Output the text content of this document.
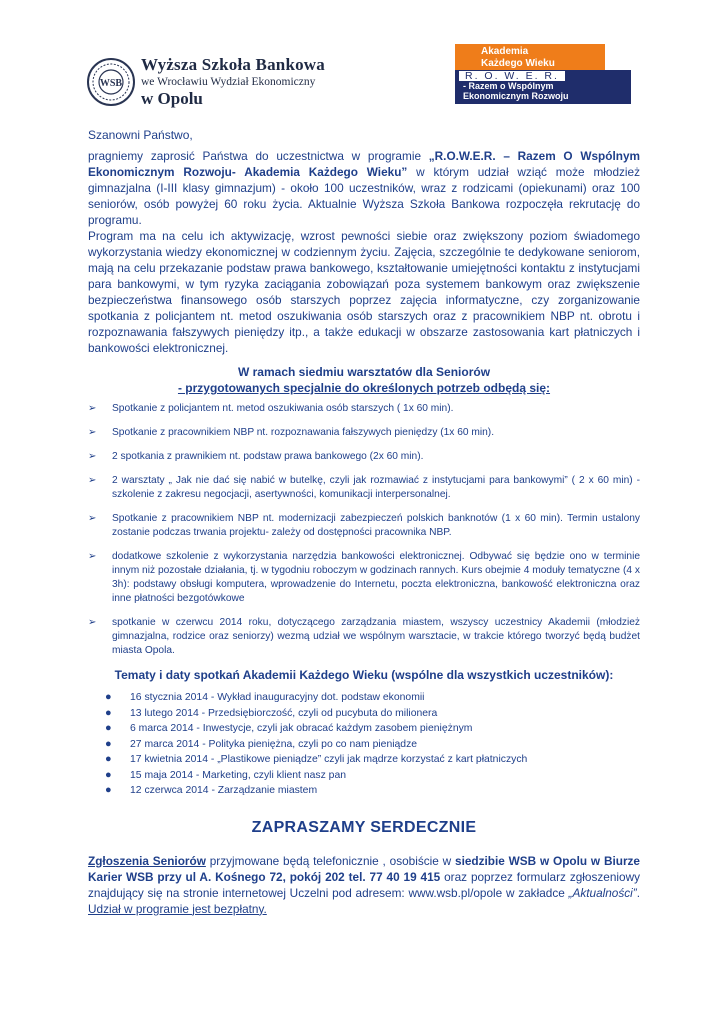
WSB
Wyższa Szkoła Bankowa
we Wrocławiu Wydział Ekonomiczny
w Opolu
Akademia
Każdego Wieku
R. O. W. E. R.
- Razem o Wspólnym
Ekonomicznym Rozwoju
Szanowni Państwo,

pragniemy zaprosić Państwa do uczestnictwa w programie „R.O.W.E.R. – Razem O Wspólnym Ekonomicznym Rozwoju- Akademia Każdego Wieku” w którym udział wziąć może młodzież gimnazjalna (I-III klasy gimnazjum) - około 100 uczestników, wraz z rodzicami (opiekunami) oraz 100 seniorów, osób powyżej 60 roku życia. Aktualnie Wyższa Szkoła Bankowa rozpoczęła rekrutację do programu.

Program ma na celu ich aktywizację, wzrost pewności siebie oraz zwiększony poziom świadomego wykorzystania wiedzy ekonomicznej w codziennym życiu. Zajęcia, szczególnie te dedykowane seniorom, mają na celu przekazanie podstaw prawa bankowego, kształtowanie umiejętności kontaktu z instytucjami para bankowymi, w tym ryzyka zaciągania zobowiązań poza systemem bankowym oraz zwiększenie bezpieczeństwa finansowego osób starszych poprzez zajęcia informatyczne, czy zorganizowanie spotkania z policjantem nt. metod oszukiwania osób starszych oraz z pracownikiem NBP nt. obrotu i rozpoznawania fałszywych pieniędzy itp., a także edukacji w obszarze zastosowania kart płatniczych i bankowości elektronicznej.

W ramach siedmiu warsztatów dla Seniorów
- przygotowanych specjalnie do określonych potrzeb odbędą się:
➢ Spotkanie z policjantem nt. metod oszukiwania osób starszych ( 1x 60 min).
➢ Spotkanie z pracownikiem NBP nt. rozpoznawania fałszywych pieniędzy (1x 60 min).
➢ 2 spotkania z prawnikiem nt. podstaw prawa bankowego (2x 60 min).
➢ 2 warsztaty „ Jak nie dać się nabić w butelkę, czyli jak rozmawiać z instytucjami para bankowymi” ( 2 x 60 min) - szkolenie z zakresu negocjacji, asertywności, komunikacji interpersonalnej.
➢ Spotkanie z pracownikiem NBP nt. modernizacji zabezpieczeń polskich banknotów (1 x 60 min). Termin ustalony zostanie podczas trwania projektu- zależy od dostępności pracownika NBP.
➢ dodatkowe szkolenie z wykorzystania narzędzia bankowości elektronicznej. Odbywać się będzie ono w terminie innym niż pozostałe działania, tj. w tygodniu roboczym w godzinach rannych. Kurs obejmie 4 moduły tematyczne (4 x 3h): podstawy obsługi komputera, wprowadzenie do Internetu, poczta elektroniczna, bankowość elektroniczna oraz inne płatności bezgotówkowe
➢ spotkanie w czerwcu 2014 roku, dotyczącego zarządzania miastem, wszyscy uczestnicy Akademii (młodzież gimnazjalna, rodzice oraz seniorzy) wezmą udział we wspólnym warsztacie, w trakcie którego tworzyć będą budżet miasta Opola.
Tematy i daty spotkań Akademii Każdego Wieku (wspólne dla wszystkich uczestników):
● 16 stycznia 2014 - Wykład inauguracyjny dot. podstaw ekonomii
● 13 lutego 2014 - Przedsiębiorczość, czyli od pucybuta do milionera
● 6 marca 2014 - Inwestycje, czyli jak obracać każdym zasobem pieniężnym
● 27 marca 2014 - Polityka pieniężna, czyli po co nam pieniądze
● 17 kwietnia 2014 - „Plastikowe pieniądze” czyli jak mądrze korzystać z kart płatniczych
● 15 maja 2014 - Marketing, czyli klient nasz pan
● 12 czerwca 2014 - Zarządzanie miastem
ZAPRASZAMY SERDECZNIE

Zgłoszenia Seniorów przyjmowane będą telefonicznie , osobiście w siedzibie WSB w Opolu w Biurze Karier WSB przy ul A. Kośnego 72, pokój 202 tel. 77 40 19 415 oraz poprzez formularz zgłoszeniowy znajdujący się na stronie internetowej Uczelni pod adresem: www.wsb.pl/opole w zakładce „Aktualności”. Udział w programie jest bezpłatny.
